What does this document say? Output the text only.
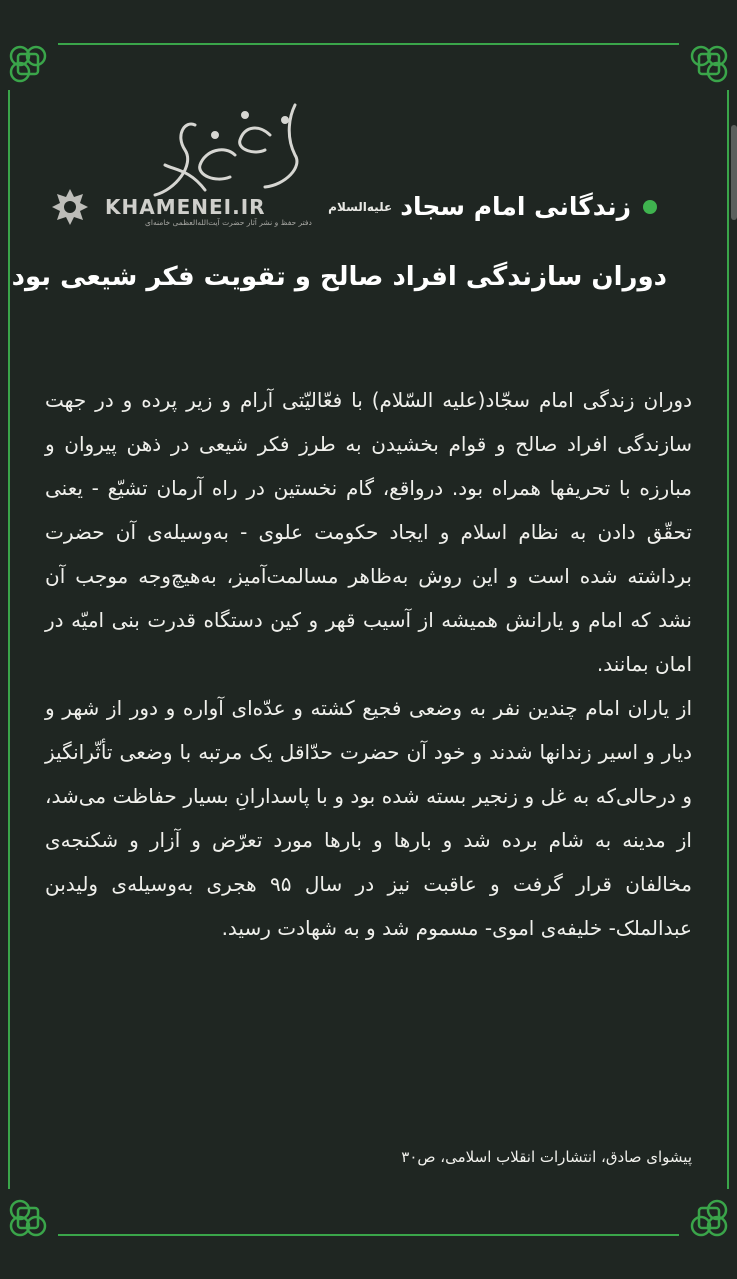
KHAMENEI.IR
دفتر حفظ و نشر آثار حضرت آیت‌الله‌العظمی خامنه‌ای
زندگانی امام سجاد
علیه‌السلام
دوران سازندگی افراد صالح و تقویت فکر شیعی بود

دوران زندگی امام سجّاد(علیه السّلام) با فعّالیّتی آرام و زیر پرده و در جهت سازندگی افراد صالح و قوام بخشیدن به طرز فکر شیعی در ذهن پیروان و مبارزه با تحریفها همراه بود. درواقع، گام نخستین در راه آرمان تشیّع - یعنی تحقّق دادن به نظام اسلام و ایجاد حکومت علوی - به‌وسیله‌ی آن حضرت برداشته شده است و این روش به‌ظاهر مسالمت‌آمیز، به‌هیچ‌وجه موجب آن نشد که امام و یارانش همیشه از آسیب قهر و کین دستگاه قدرت بنی امیّه در امان بمانند.

از یاران امام چندین نفر به وضعی فجیع کشته و عدّه‌ای آواره و دور از شهر و دیار و اسیر زندانها شدند و خود آن حضرت حدّاقل یک مرتبه با وضعی تأثّرانگیز و درحالی‌که به غل و زنجیر بسته شده بود و با پاسدارانِ بسیار حفاظت می‌شد، از مدینه به شام برده شد و بارها و بارها مورد تعرّض و آزار و شکنجه‌ی مخالفان قرار گرفت و عاقبت نیز در سال ۹۵ هجری به‌وسیله‌ی ولیدبن عبدالملک- خلیفه‌ی اموی- مسموم شد و به شهادت رسید.

پیشوای صادق، انتشارات انقلاب اسلامی، ص۳۰
